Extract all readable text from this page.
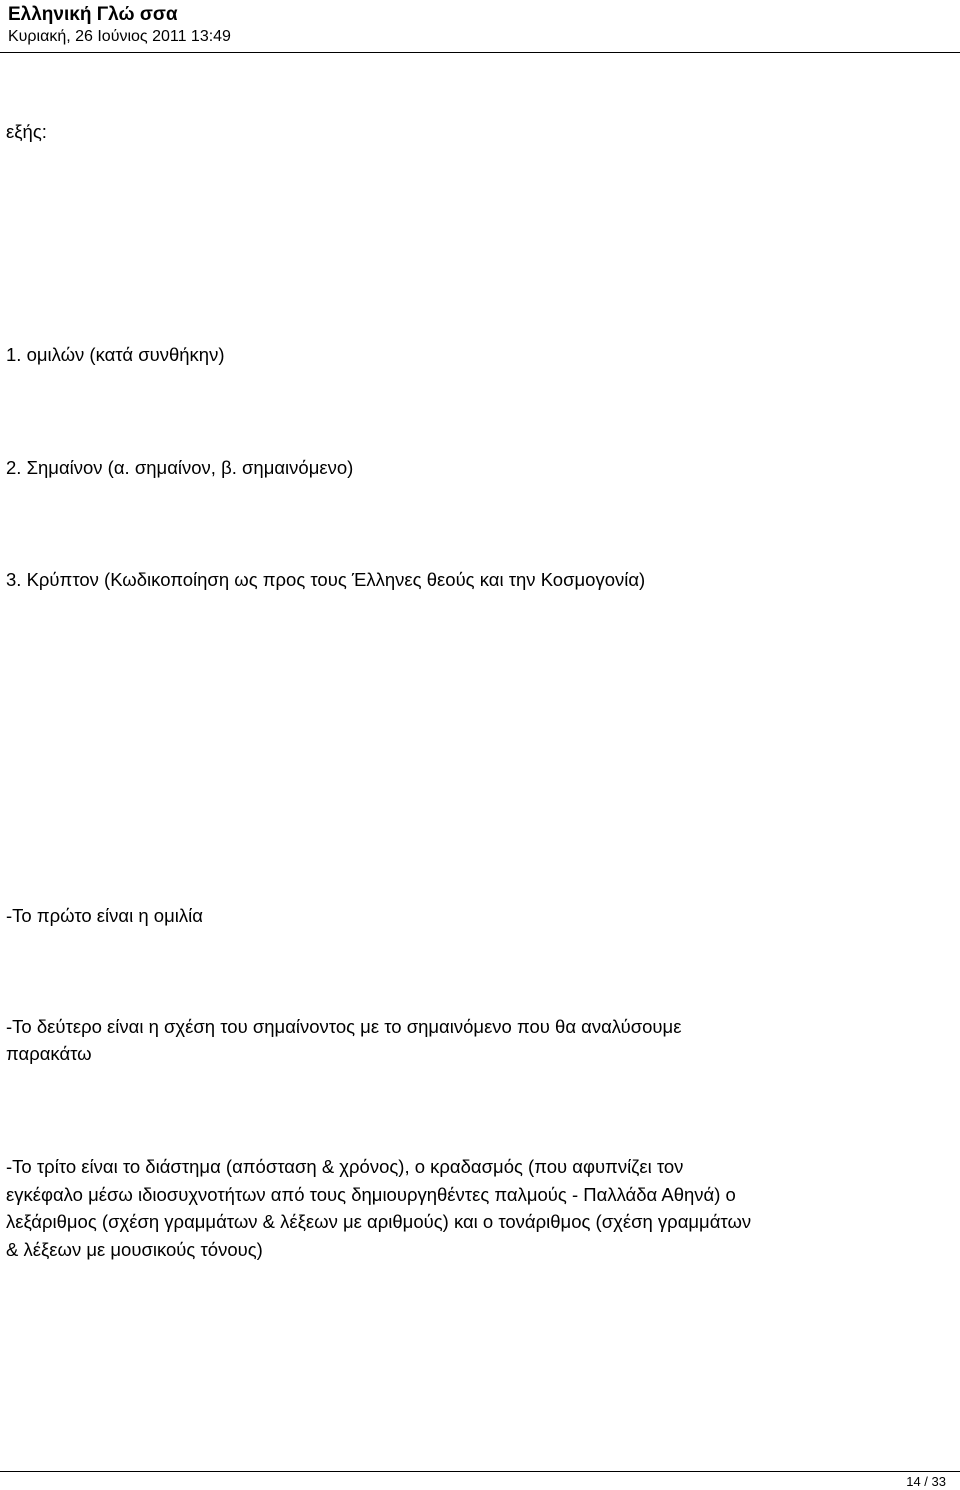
Ελληνική Γλώ σσα
Κυριακή, 26 Ιούνιος 2011 13:49
εξής:
1. ομιλών (κατά συνθήκην)
2. Σημαίνον (α. σημαίνον, β. σημαινόμενο)
3. Κρύπτον (Κωδικοποίηση ως προς τους Έλληνες θεούς και την Κοσμογονία)
-Το πρώτο είναι η ομιλία
-Το δεύτερο είναι η σχέση του σημαίνοντος με το σημαινόμενο που θα αναλύσουμε
παρακάτω
-Το τρίτο είναι το διάστημα (απόσταση & χρόνος), ο κραδασμός (που αφυπνίζει τον
εγκέφαλο μέσω ιδιοσυχνοτήτων από τους δημιουργηθέντες παλμούς - Παλλάδα Αθηνά) ο
λεξάριθμος (σχέση γραμμάτων & λέξεων με αριθμούς) και ο τονάριθμος (σχέση γραμμάτων
& λέξεων με μουσικούς τόνους)
14 / 33
